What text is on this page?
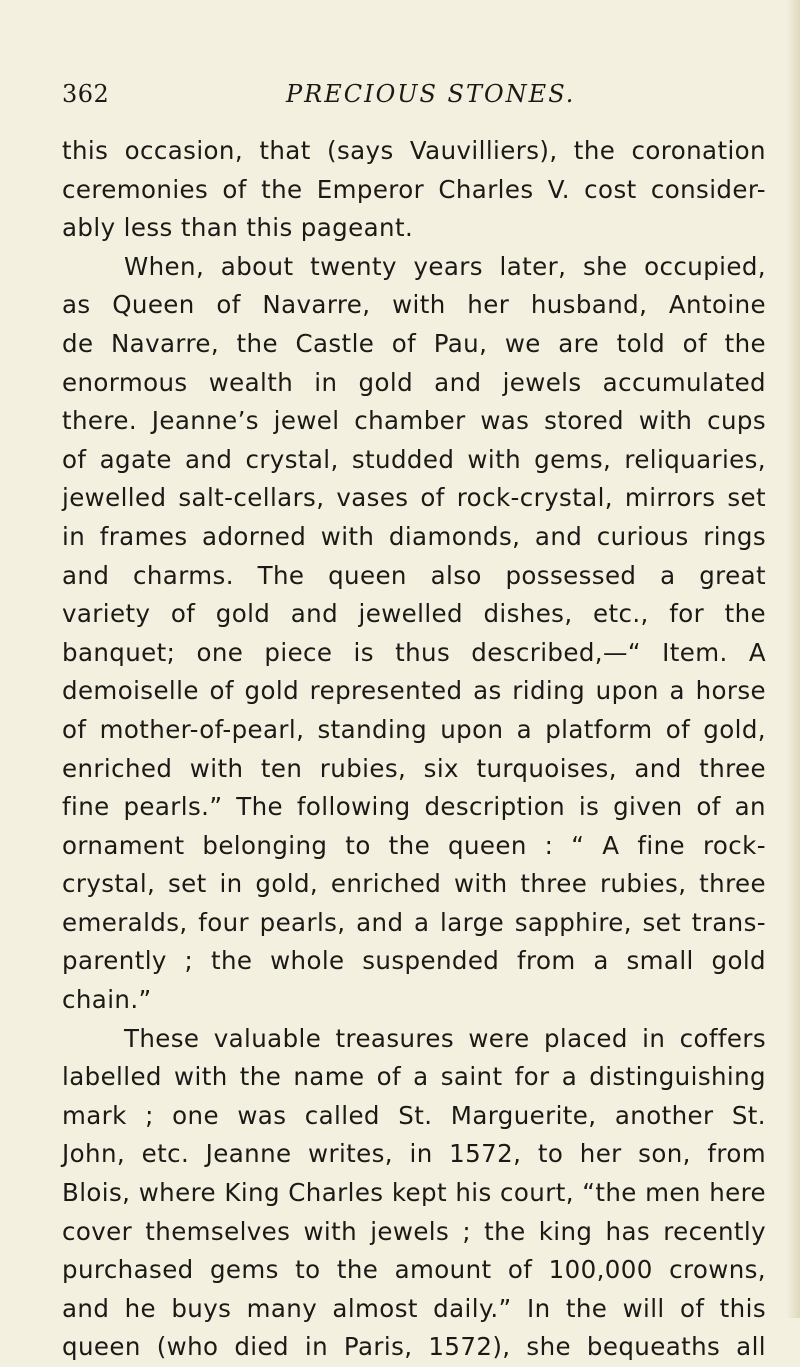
362	PRECIOUS STONES.
this occasion, that (says Vauvilliers), the coronation
ceremonies of the Emperor Charles V. cost consider-
ably less than this pageant.
When, about twenty years later, she occupied,
as Queen of Navarre, with her husband, Antoine
de Navarre, the Castle of Pau, we are told of the
enormous wealth in gold and jewels accumulated
there. Jeanne’s jewel chamber was stored with cups
of agate and crystal, studded with gems, reliquaries,
jewelled salt-cellars, vases of rock-crystal, mirrors set
in frames adorned with diamonds, and curious rings
and charms. The queen also possessed a great
variety of gold and jewelled dishes, etc., for the
banquet; one piece is thus described,—“ Item. A
demoiselle of gold represented as riding upon a horse
of mother-of-pearl, standing upon a platform of gold,
enriched with ten rubies, six turquoises, and three
fine pearls.” The following description is given of an
ornament belonging to the queen : “ A fine rock-
crystal, set in gold, enriched with three rubies, three
emeralds, four pearls, and a large sapphire, set trans-
parently ; the whole suspended from a small gold
chain.”
These valuable treasures were placed in coffers
labelled with the name of a saint for a distinguishing
mark ; one was called St. Marguerite, another St.
John, etc. Jeanne writes, in 1572, to her son, from
Blois, where King Charles kept his court, “the men here
cover themselves with jewels ; the king has recently
purchased gems to the amount of 100,000 crowns,
and he buys many almost daily.” In the will of this
queen (who died in Paris, 1572), she bequeaths all
